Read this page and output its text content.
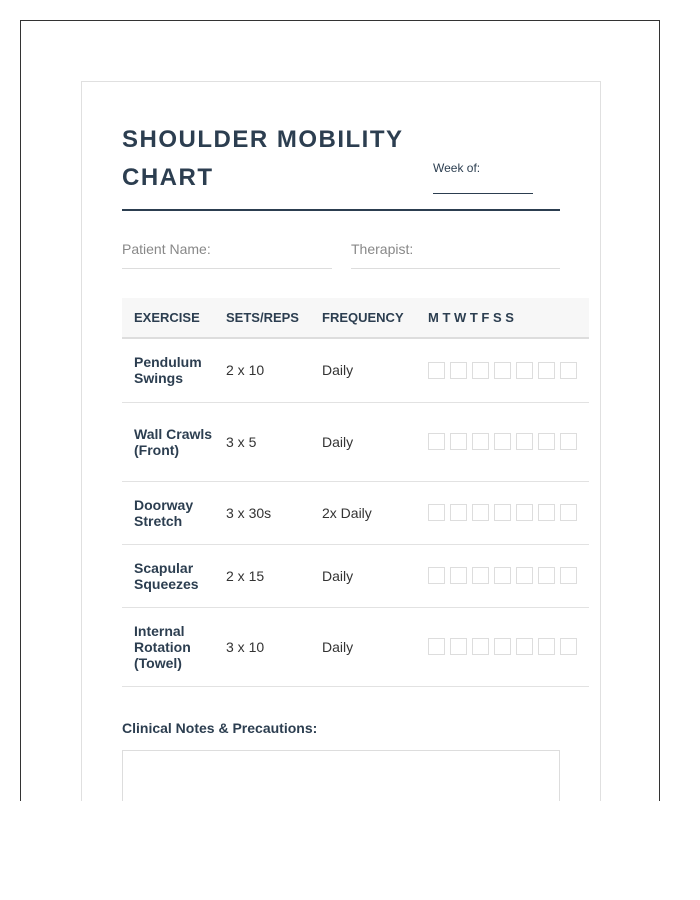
SHOULDER MOBILITY CHART	Week of:
Patient Name:	Therapist:
EXERCISE	SETS/REPS	FREQUENCY	M T W T F S S
Pendulum Swings	2 x 10	Daily	

Wall Crawls (Front)	3 x 5	Daily	

Doorway Stretch	3 x 30s	2x Daily	

Scapular Squeezes	2 x 15	Daily	

Internal Rotation (Towel)	3 x 10	Daily	
Clinical Notes & Precautions:
